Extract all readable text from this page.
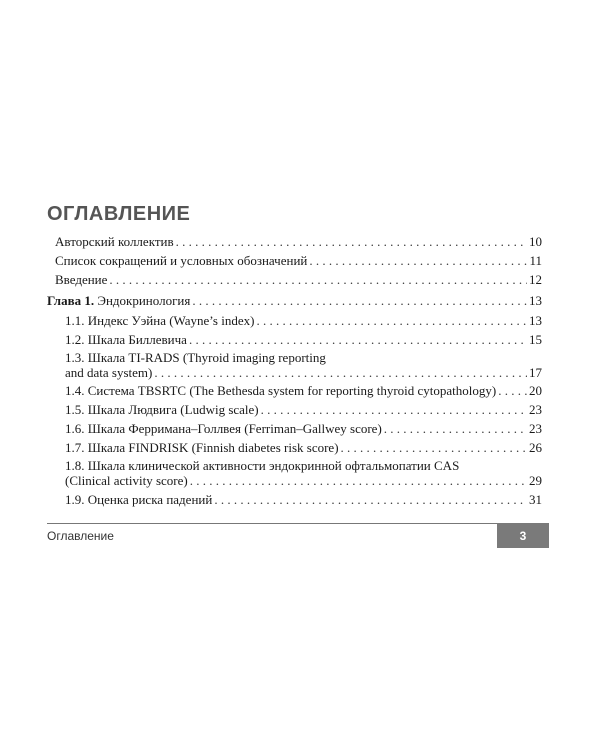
ОГЛАВЛЕНИЕ
Авторский коллектив . . .	10
Список сокращений и условных обозначений . . .	11
Введение . . .	12
Глава 1. Эндокринология . . .	13
1.1. Индекс Уэйна (Wayne’s index) . . .	13
1.2. Шкала Биллевича . . .	15
1.3. Шкала TI-RADS (Thyroid imaging reporting
and data system) . . .	17
1.4. Система TBSRTC (The Bethesda system for reporting thyroid cytopathology) . . .	20
1.5. Шкала Людвига (Ludwig scale) . . .	23
1.6. Шкала Ферримана–Голлвея (Ferriman–Gallwey score) . . .	23
1.7. Шкала FINDRISK (Finnish diabetes risk score) . . .	26
1.8. Шкала клинической активности эндокринной офтальмопатии CAS
(Clinical activity score) . . .	29
1.9. Оценка риска падений . . .	31
Оглавление	3
